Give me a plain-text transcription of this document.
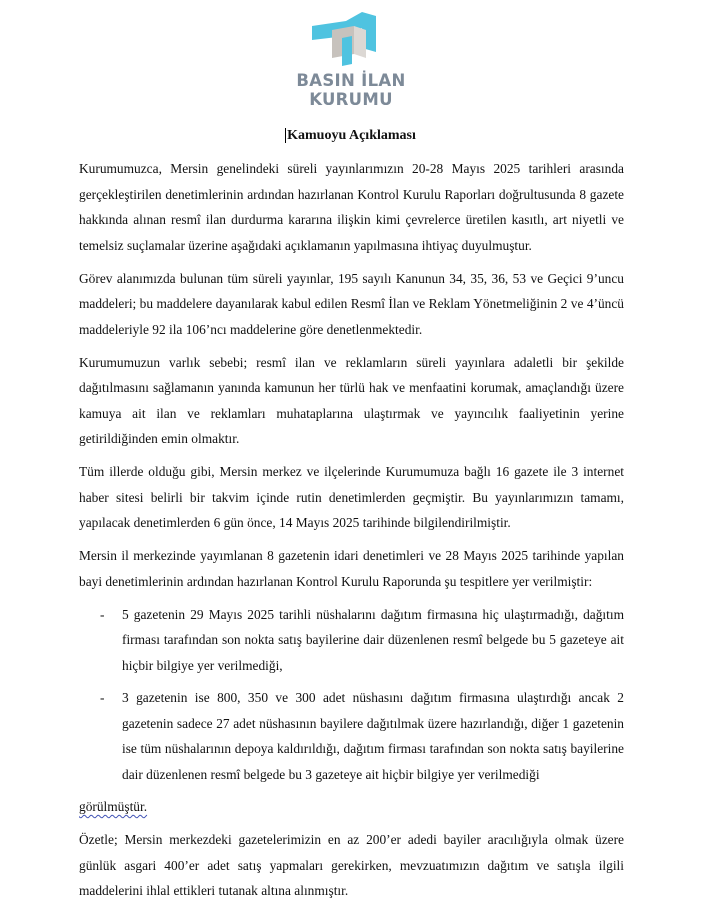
BASIN İLAN
KURUMU
Kamuoyu Açıklaması

Kurumumuzca, Mersin genelindeki süreli yayınlarımızın 20-28 Mayıs 2025 tarihleri arasında gerçekleştirilen denetimlerinin ardından hazırlanan Kontrol Kurulu Raporları doğrultusunda 8 gazete hakkında alınan resmî ilan durdurma kararına ilişkin kimi çevrelerce üretilen kasıtlı, art niyetli ve temelsiz suçlamalar üzerine aşağıdaki açıklamanın yapılmasına ihtiyaç duyulmuştur.

Görev alanımızda bulunan tüm süreli yayınlar, 195 sayılı Kanunun 34, 35, 36, 53 ve Geçici 9’uncu maddeleri; bu maddelere dayanılarak kabul edilen Resmî İlan ve Reklam Yönetmeliğinin 2 ve 4’üncü maddeleriyle 92 ila 106’ncı maddelerine göre denetlenmektedir.

Kurumumuzun varlık sebebi; resmî ilan ve reklamların süreli yayınlara adaletli bir şekilde dağıtılmasını sağlamanın yanında kamunun her türlü hak ve menfaatini korumak, amaçlandığı üzere kamuya ait ilan ve reklamları muhataplarına ulaştırmak ve yayıncılık faaliyetinin yerine getirildiğinden emin olmaktır.

Tüm illerde olduğu gibi, Mersin merkez ve ilçelerinde Kurumumuza bağlı 16 gazete ile 3 internet haber sitesi belirli bir takvim içinde rutin denetimlerden geçmiştir. Bu yayınlarımızın tamamı, yapılacak denetimlerden 6 gün önce, 14 Mayıs 2025 tarihinde bilgilendirilmiştir.

Mersin il merkezinde yayımlanan 8 gazetenin idari denetimleri ve 28 Mayıs 2025 tarihinde yapılan bayi denetimlerinin ardından hazırlanan Kontrol Kurulu Raporunda şu tespitlere yer verilmiştir:

- 5 gazetenin 29 Mayıs 2025 tarihli nüshalarını dağıtım firmasına hiç ulaştırmadığı, dağıtım firması tarafından son nokta satış bayilerine dair düzenlenen resmî belgede bu 5 gazeteye ait hiçbir bilgiye yer verilmediği,
- 3 gazetenin ise 800, 350 ve 300 adet nüshasını dağıtım firmasına ulaştırdığı ancak 2 gazetenin sadece 27 adet nüshasının bayilere dağıtılmak üzere hazırlandığı, diğer 1 gazetenin ise tüm nüshalarının depoya kaldırıldığı, dağıtım firması tarafından son nokta satış bayilerine dair düzenlenen resmî belgede bu 3 gazeteye ait hiçbir bilgiye yer verilmediği

görülmüştür.

Özetle; Mersin merkezdeki gazetelerimizin en az 200’er adedi bayiler aracılığıyla olmak üzere günlük asgari 400’er adet satış yapmaları gerekirken, mevzuatımızın dağıtım ve satışla ilgili maddelerini ihlal ettikleri tutanak altına alınmıştır.
